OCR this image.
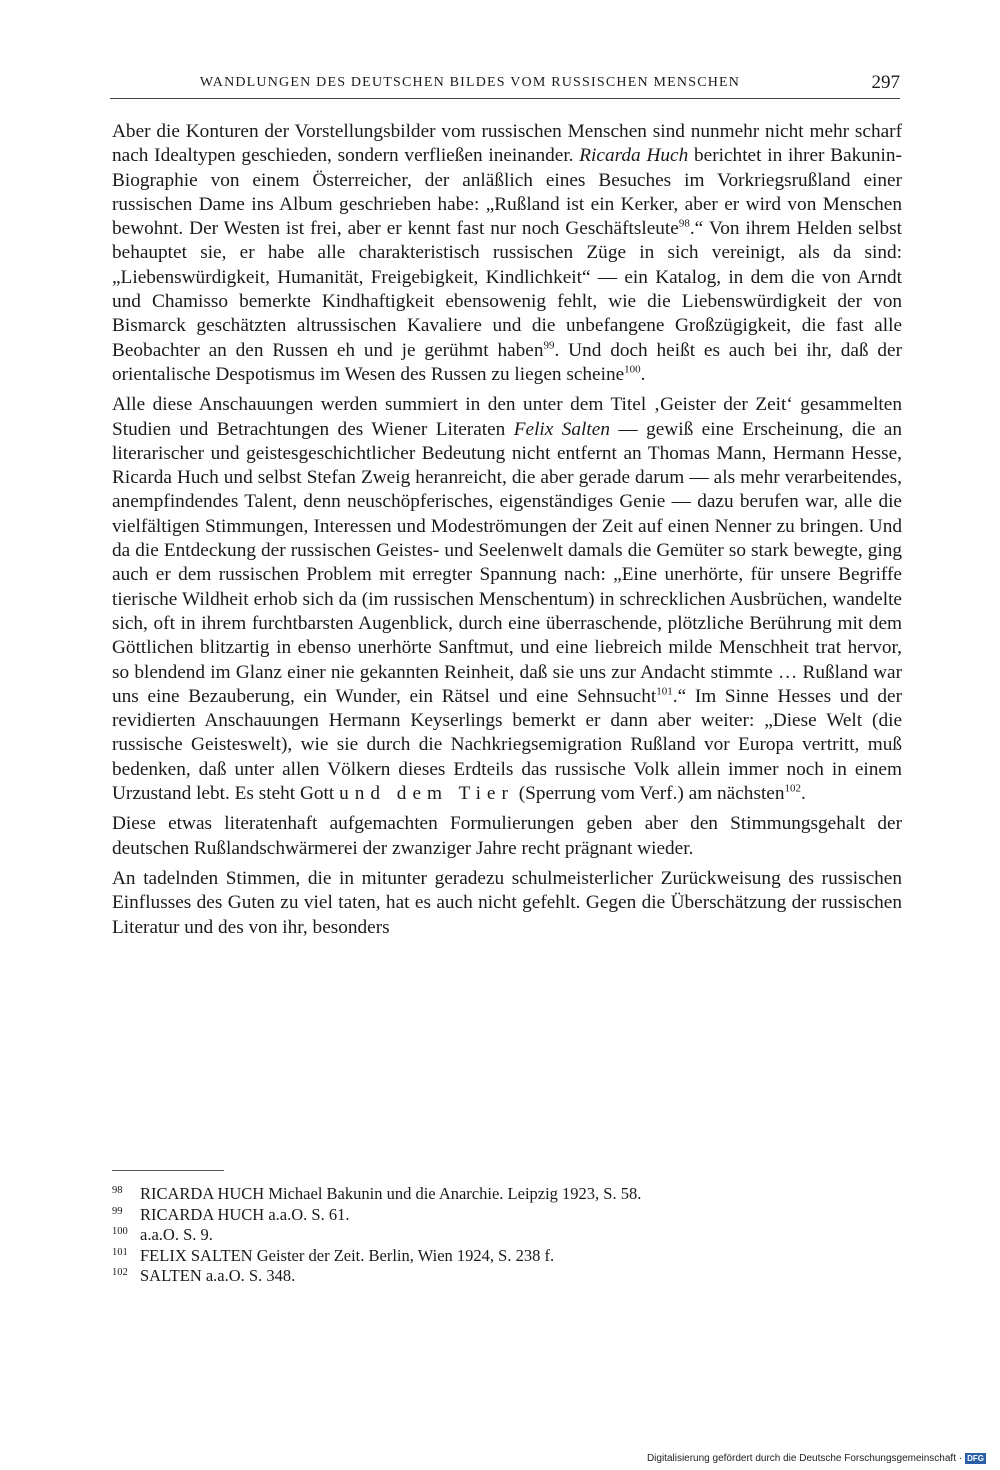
WANDLUNGEN DES DEUTSCHEN BILDES VOM RUSSISCHEN MENSCHEN	297

Aber die Konturen der Vorstellungsbilder vom russischen Menschen sind nunmehr nicht mehr scharf nach Idealtypen geschieden, sondern verfließen ineinander. Ricarda Huch berichtet in ihrer Bakunin-Biographie von einem Österreicher, der anläßlich eines Besuches im Vorkriegsrußland einer russischen Dame ins Album geschrieben habe: „Rußland ist ein Kerker, aber er wird von Menschen bewohnt. Der Westen ist frei, aber er kennt fast nur noch Geschäftsleute$^{98}$.“ Von ihrem Helden selbst behauptet sie, er habe alle charakteristisch russischen Züge in sich vereinigt, als da sind: „Liebenswürdigkeit, Humanität, Freigebigkeit, Kindlichkeit“ — ein Katalog, in dem die von Arndt und Chamisso bemerkte Kindhaftigkeit ebensowenig fehlt, wie die Liebenswürdigkeit der von Bismarck geschätzten altrussischen Kavaliere und die unbefangene Großzügigkeit, die fast alle Beobachter an den Russen eh und je gerühmt haben$^{99}$. Und doch heißt es auch bei ihr, daß der orientalische Despotismus im Wesen des Russen zu liegen scheine$^{100}$.

Alle diese Anschauungen werden summiert in den unter dem Titel ‚Geister der Zeit‘ gesammelten Studien und Betrachtungen des Wiener Literaten Felix Salten — gewiß eine Erscheinung, die an literarischer und geistesgeschichtlicher Bedeutung nicht entfernt an Thomas Mann, Hermann Hesse, Ricarda Huch und selbst Stefan Zweig heranreicht, die aber gerade darum — als mehr verarbeitendes, anempfindendes Talent, denn neuschöpferisches, eigenständiges Genie — dazu berufen war, alle die vielfältigen Stimmungen, Interessen und Modeströmungen der Zeit auf einen Nenner zu bringen. Und da die Entdeckung der russischen Geistes- und Seelenwelt damals die Gemüter so stark bewegte, ging auch er dem russischen Problem mit erregter Spannung nach: „Eine unerhörte, für unsere Begriffe tierische Wildheit erhob sich da (im russischen Menschentum) in schrecklichen Ausbrüchen, wandelte sich, oft in ihrem furchtbarsten Augenblick, durch eine überraschende, plötzliche Berührung mit dem Göttlichen blitzartig in ebenso unerhörte Sanftmut, und eine liebreich milde Menschheit trat hervor, so blendend im Glanz einer nie gekannten Reinheit, daß sie uns zur Andacht stimmte … Rußland war uns eine Bezauberung, ein Wunder, ein Rätsel und eine Sehnsucht$^{101}$.“ Im Sinne Hesses und der revidierten Anschauungen Hermann Keyserlings bemerkt er dann aber weiter: „Diese Welt (die russische Geisteswelt), wie sie durch die Nachkriegsemigration Rußland vor Europa vertritt, muß bedenken, daß unter allen Völkern dieses Erdteils das russische Volk allein immer noch in einem Urzustand lebt. Es steht Gott und dem Tier (Sperrung vom Verf.) am nächsten$^{102}$.

Diese etwas literatenhaft aufgemachten Formulierungen geben aber den Stimmungsgehalt der deutschen Rußlandschwärmerei der zwanziger Jahre recht prägnant wieder.

An tadelnden Stimmen, die in mitunter geradezu schulmeisterlicher Zurückweisung des russischen Einflusses des Guten zu viel taten, hat es auch nicht gefehlt. Gegen die Überschätzung der russischen Literatur und des von ihr, besonders

98 RICARDA HUCH Michael Bakunin und die Anarchie. Leipzig 1923, S. 58.
99 RICARDA HUCH a.a.O. S. 61.
100 a.a.O. S. 9.
101 FELIX SALTEN Geister der Zeit. Berlin, Wien 1924, S. 238 f.
102 SALTEN a.a.O. S. 348.
Digitalisierung gefördert durch die Deutsche Forschungsgemeinschaft · DFG
